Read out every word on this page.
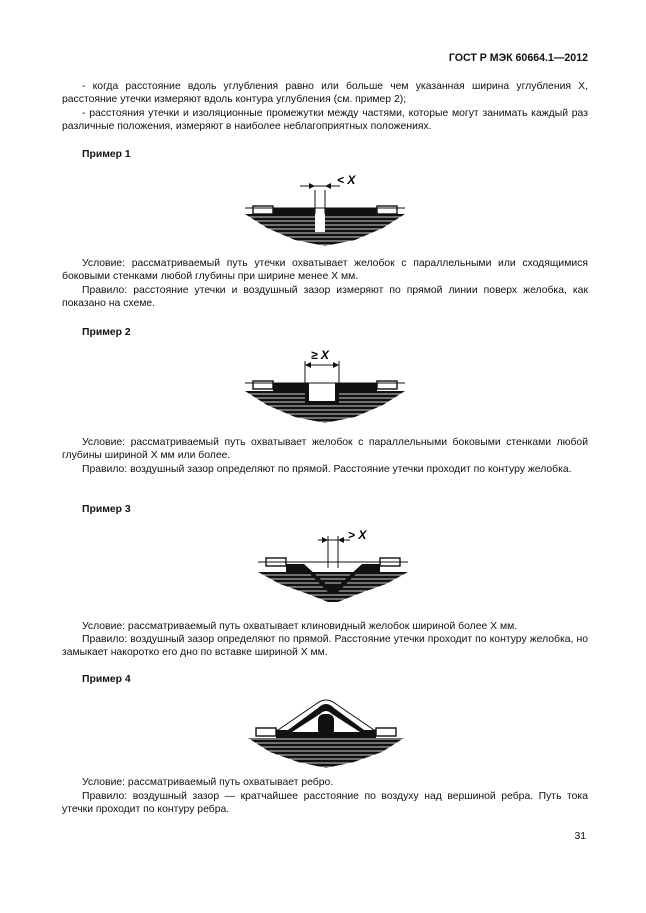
ГОСТ Р МЭК 60664.1—2012
- когда расстояние вдоль углубления равно или больше чем указанная ширина углубления X, расстояние утечки измеряют вдоль контура углубления (см. пример 2);
- расстояния утечки и изоляционные промежутки между частями, которые могут занимать каждый раз различные положения, измеряют в наиболее неблагоприятных положениях.
Пример 1
< X
Условие: рассматриваемый путь утечки охватывает желобок с параллельными или сходящимися боковыми стенками любой глубины при ширине менее X мм.
Правило: расстояние утечки и воздушный зазор измеряют по прямой линии поверх желобка, как показано на схеме.
Пример 2
≥ X
Условие: рассматриваемый путь охватывает желобок с параллельными боковыми стенками любой глубины шириной X мм или более.
Правило: воздушный зазор определяют по прямой. Расстояние утечки проходит по контуру желобка.
Пример 3
> X
Условие: рассматриваемый путь охватывает клиновидный желобок шириной более X мм.
Правило: воздушный зазор определяют по прямой. Расстояние утечки проходит по контуру желобка, но замыкает накоротко его дно по вставке шириной X мм.
Пример 4
Условие: рассматриваемый путь охватывает ребро.
Правило: воздушный зазор — кратчайшее расстояние по воздуху над вершиной ребра. Путь тока утечки проходит по контуру ребра.
31
